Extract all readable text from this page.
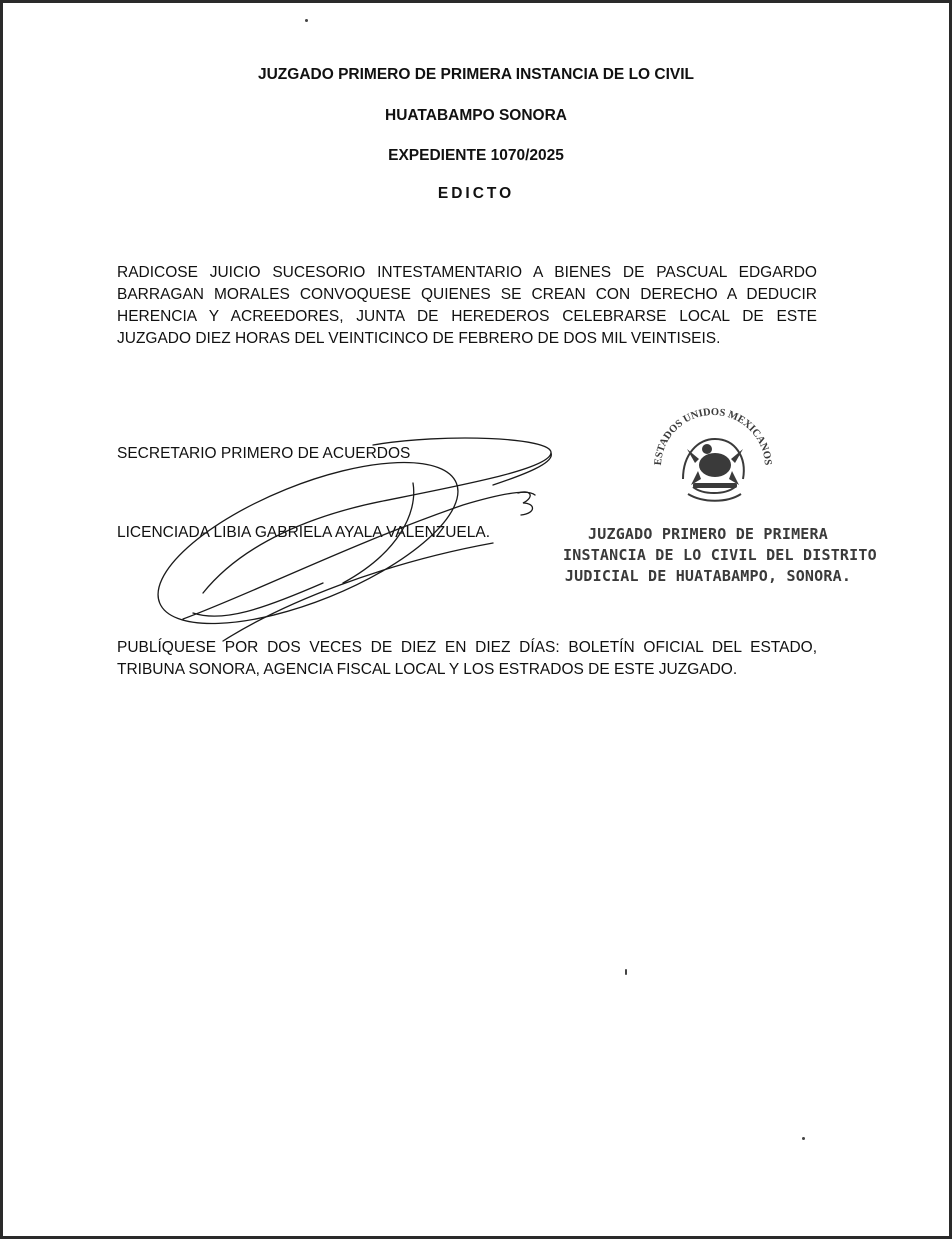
JUZGADO PRIMERO DE PRIMERA INSTANCIA DE LO CIVIL
HUATABAMPO SONORA
EXPEDIENTE 1070/2025
EDICTO
RADICOSE JUICIO SUCESORIO INTESTAMENTARIO A BIENES DE PASCUAL EDGARDO BARRAGAN MORALES CONVOQUESE QUIENES SE CREAN CON DERECHO A DEDUCIR HERENCIA Y ACREEDORES, JUNTA DE HEREDEROS CELEBRARSE LOCAL DE ESTE JUZGADO DIEZ HORAS DEL VEINTICINCO DE FEBRERO DE DOS MIL VEINTISEIS.
SECRETARIO PRIMERO DE ACUERDOS
LICENCIADA LIBIA GABRIELA AYALA VALENZUELA.
ESTADOS UNIDOS MEXICANOS
JUZGADO PRIMERO DE PRIMERA
INSTANCIA DE LO CIVIL DEL DISTRITO
JUDICIAL DE HUATABAMPO, SONORA.
PUBLÍQUESE POR DOS VECES DE DIEZ EN DIEZ DÍAS: BOLETÍN OFICIAL DEL ESTADO, TRIBUNA SONORA, AGENCIA FISCAL LOCAL Y LOS ESTRADOS DE ESTE JUZGADO.
